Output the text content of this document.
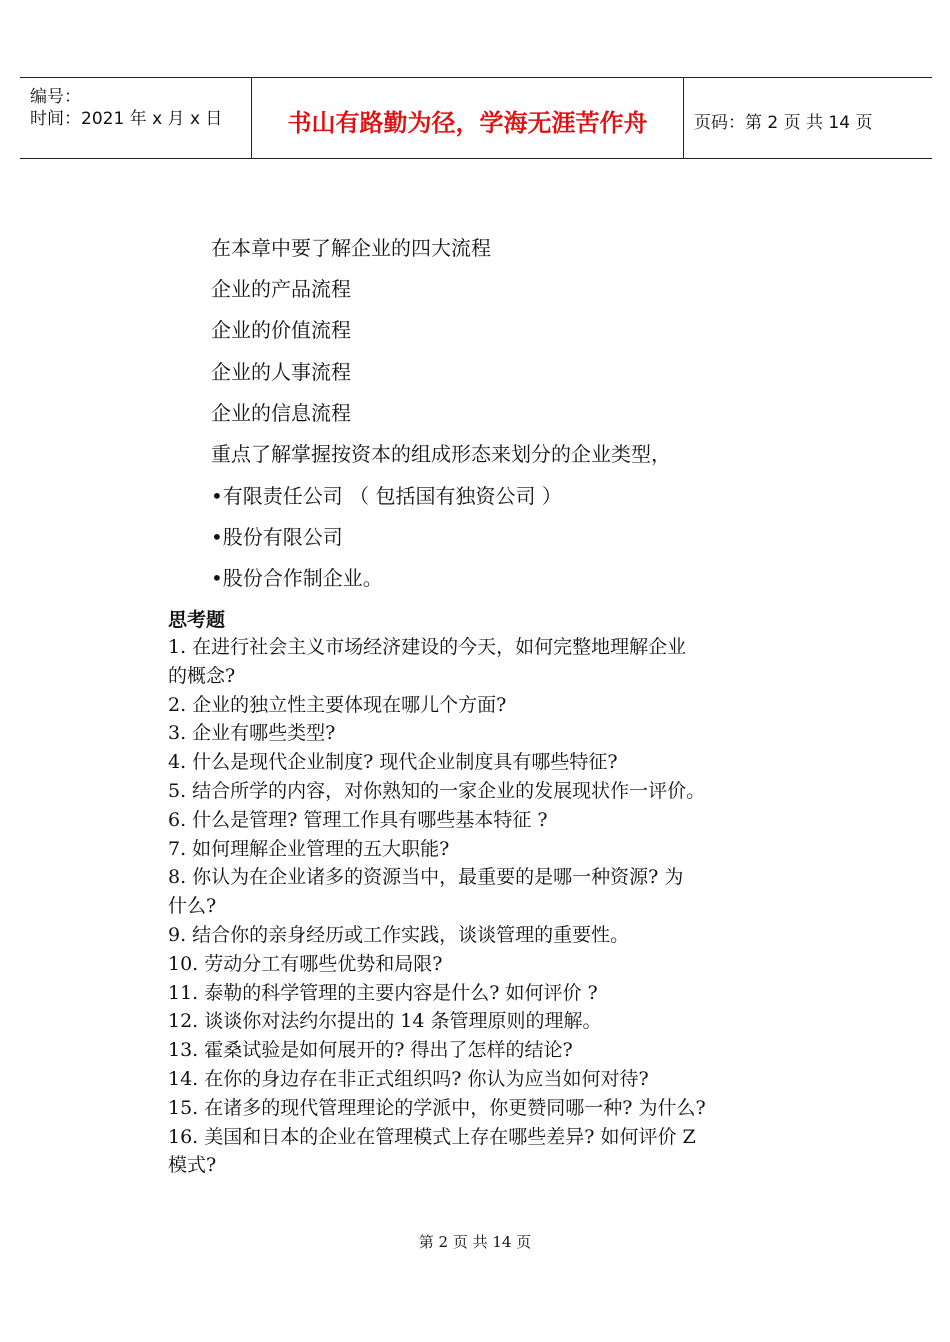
编号：
时间：2021 年 x 月 x 日	书山有路勤为径，学海无涯苦作舟	页码：第 2 页 共 14 页
在本章中要了解企业的四大流程
企业的产品流程
企业的价值流程
企业的人事流程
企业的信息流程
重点了解掌握按资本的组成形态来划分的企业类型，
•有限责任公司 （ 包括国有独资公司 ）
•股份有限公司
•股份合作制企业。
思考题
1. 在进行社会主义市场经济建设的今天，如何完整地理解企业
的概念?
2. 企业的独立性主要体现在哪儿个方面?
3. 企业有哪些类型?
4. 什么是现代企业制度? 现代企业制度具有哪些特征?
5. 结合所学的内容，对你熟知的一家企业的发展现状作一评价。
6. 什么是管理? 管理工作具有哪些基本特征 ?
7. 如何理解企业管理的五大职能?
8. 你认为在企业诸多的资源当中，最重要的是哪一种资源? 为
什么?
9. 结合你的亲身经历或工作实践，谈谈管理的重要性。
10. 劳动分工有哪些优势和局限?
11. 泰勒的科学管理的主要内容是什么? 如何评价 ?
12. 谈谈你对法约尔提出的 14 条管理原则的理解。
13. 霍桑试验是如何展开的? 得出了怎样的结论?
14. 在你的身边存在非正式组织吗? 你认为应当如何对待?
15. 在诸多的现代管理理论的学派中，你更赞同哪一种? 为什么?
16. 美国和日本的企业在管理模式上存在哪些差异? 如何评价 Z
模式?
第 2 页 共 14 页
